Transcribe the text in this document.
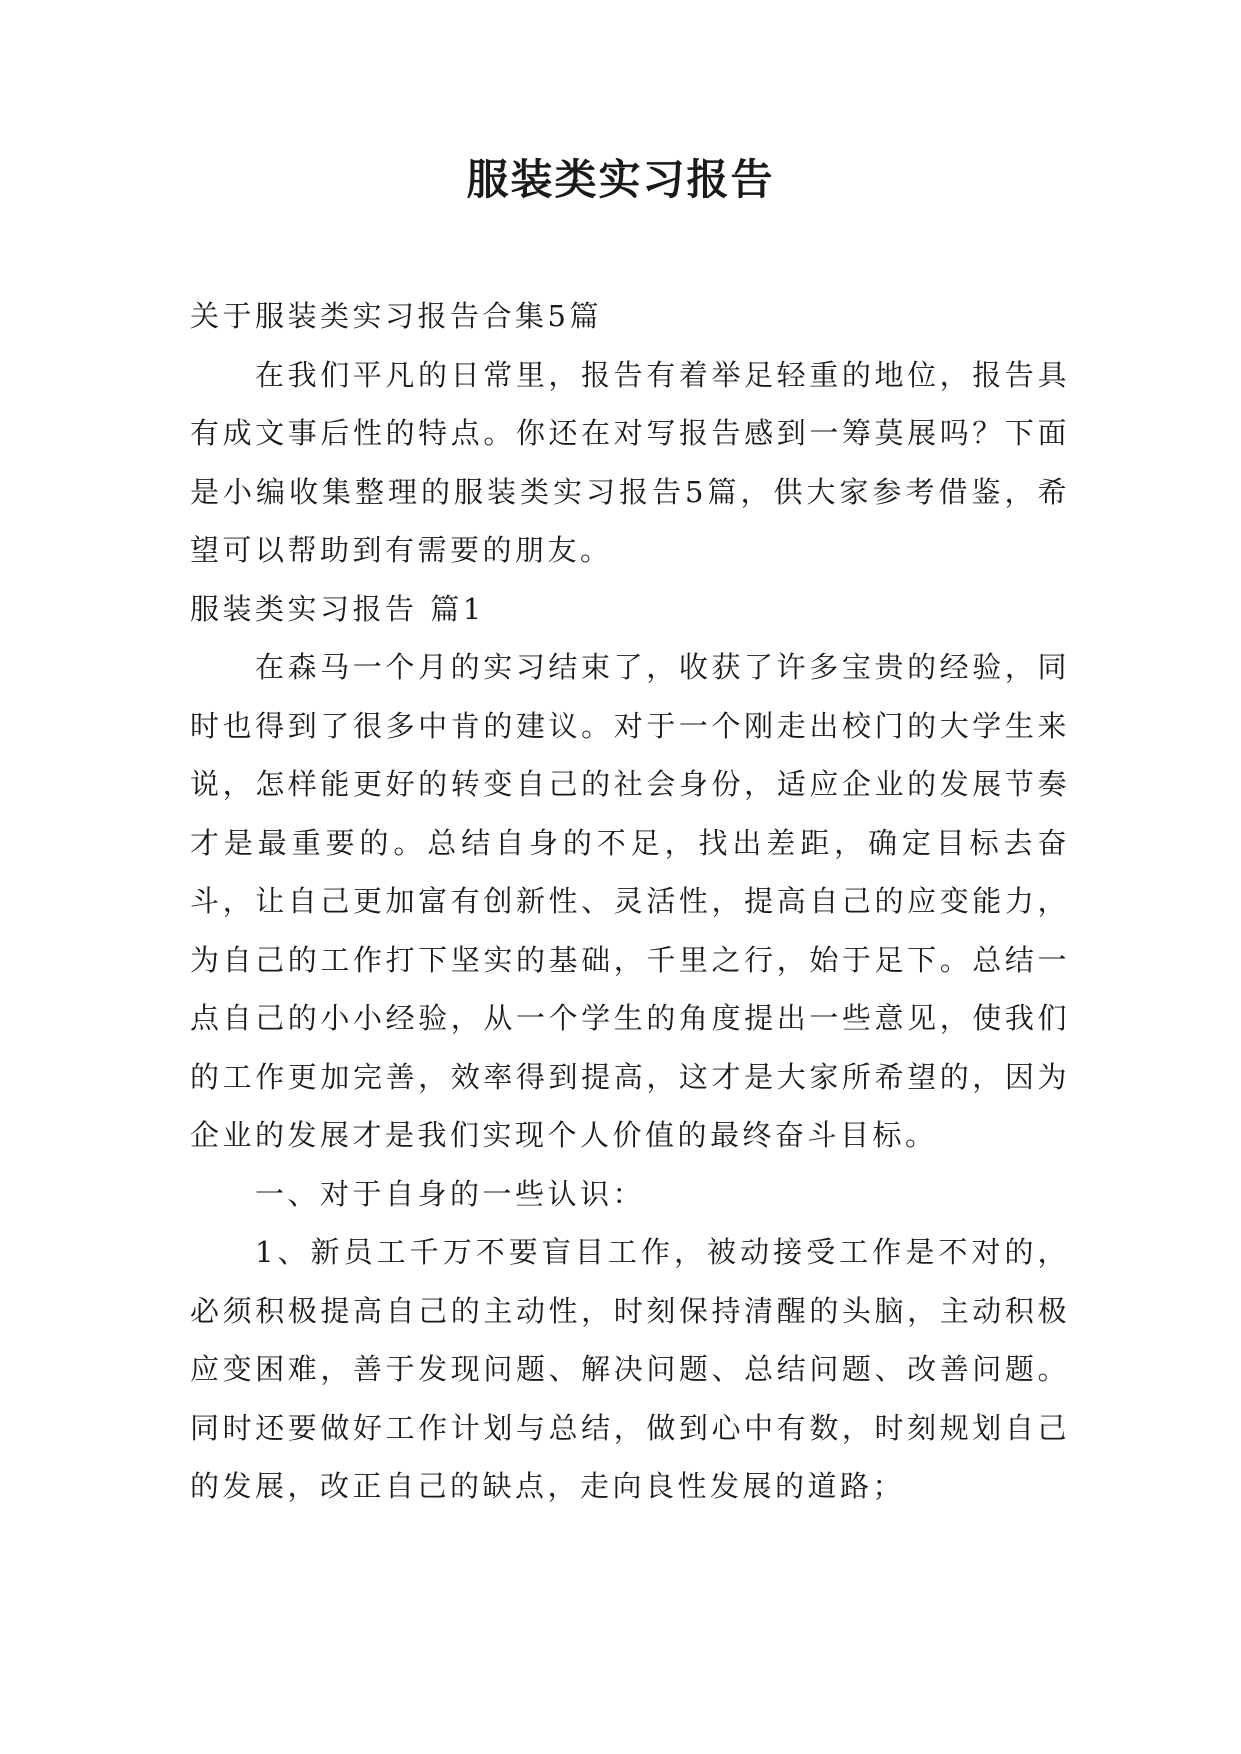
服装类实习报告

关于服装类实习报告合集5篇

在我们平凡的日常里，报告有着举足轻重的地位，报告具有成文事后性的特点。你还在对写报告感到一筹莫展吗？下面是小编收集整理的服装类实习报告5篇，供大家参考借鉴，希望可以帮助到有需要的朋友。

服装类实习报告 篇1

在森马一个月的实习结束了，收获了许多宝贵的经验，同时也得到了很多中肯的建议。对于一个刚走出校门的大学生来说，怎样能更好的转变自己的社会身份，适应企业的发展节奏才是最重要的。总结自身的不足，找出差距，确定目标去奋斗，让自己更加富有创新性、灵活性，提高自己的应变能力，为自己的工作打下坚实的基础，千里之行，始于足下。总结一点自己的小小经验，从一个学生的角度提出一些意见，使我们的工作更加完善，效率得到提高，这才是大家所希望的，因为企业的发展才是我们实现个人价值的最终奋斗目标。

一、对于自身的一些认识：

1、新员工千万不要盲目工作，被动接受工作是不对的，必须积极提高自己的主动性，时刻保持清醒的头脑，主动积极应变困难，善于发现问题、解决问题、总结问题、改善问题。同时还要做好工作计划与总结，做到心中有数，时刻规划自己的发展，改正自己的缺点，走向良性发展的道路；
